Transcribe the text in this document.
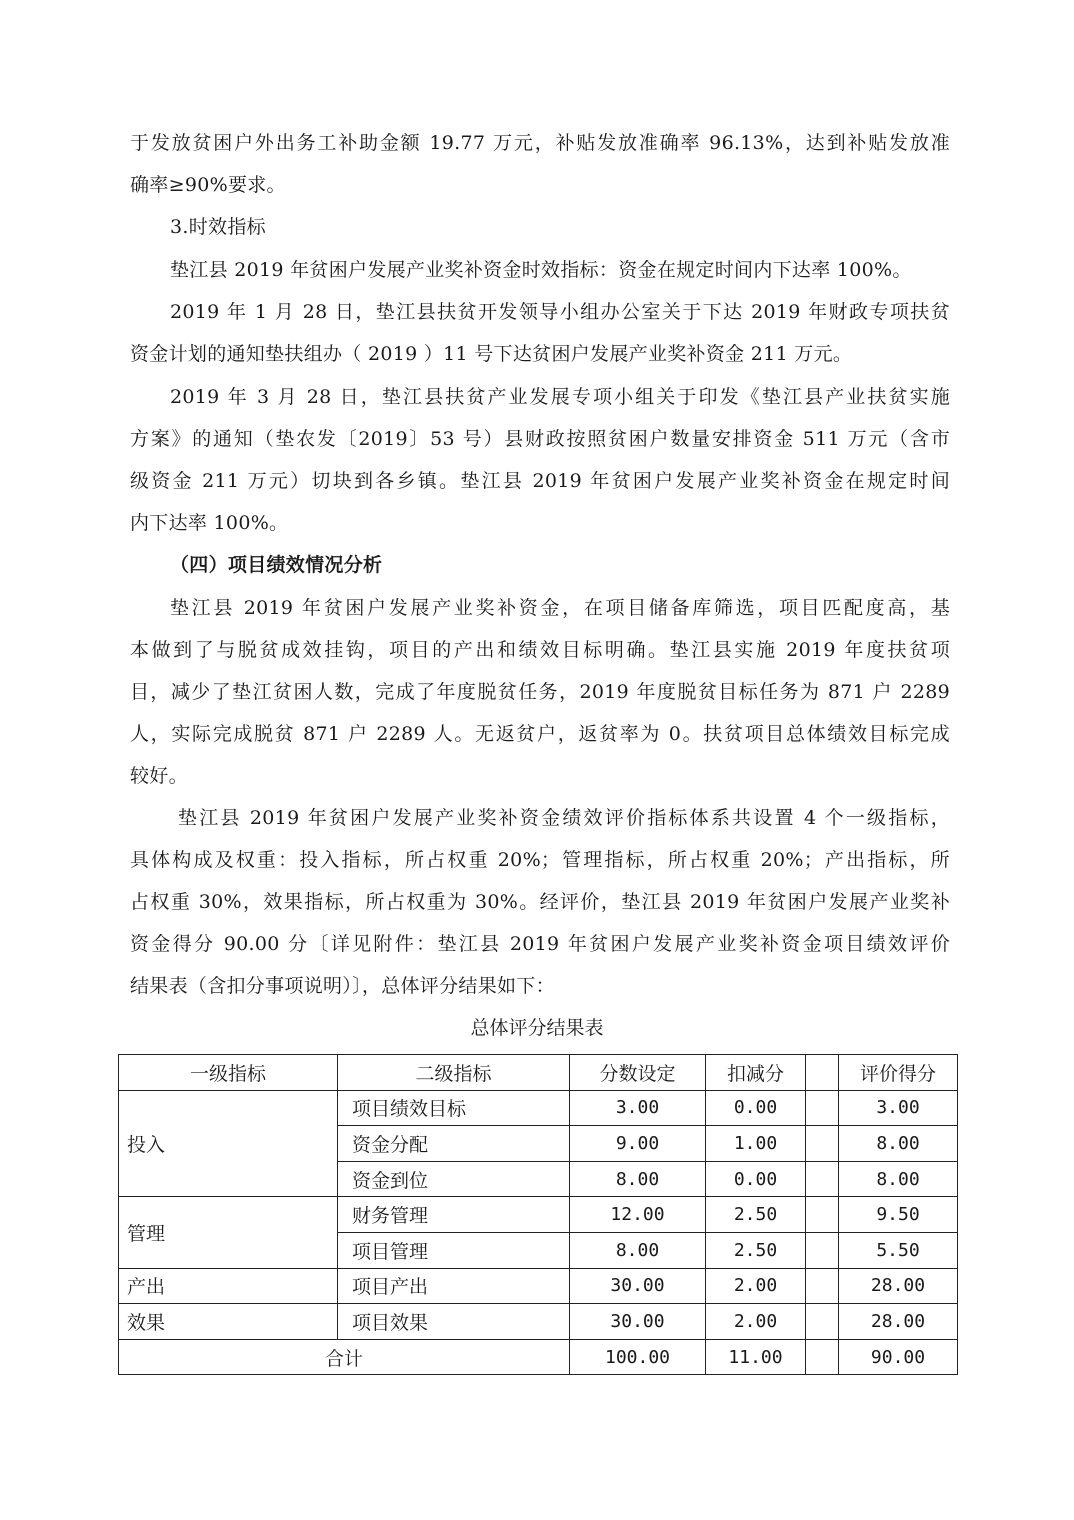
于发放贫困户外出务工补助金额 19.77 万元，补贴发放准确率 96.13%，达到补贴发放准
确率≥90%要求。
3.时效指标
垫江县 2019 年贫困户发展产业奖补资金时效指标：资金在规定时间内下达率 100%。
2019 年 1 月 28 日，垫江县扶贫开发领导小组办公室关于下达 2019 年财政专项扶贫
资金计划的通知垫扶组办（ 2019 ）11 号下达贫困户发展产业奖补资金 211 万元。
2019 年 3 月 28 日，垫江县扶贫产业发展专项小组关于印发《垫江县产业扶贫实施
方案》的通知（垫农发〔2019〕53 号）县财政按照贫困户数量安排资金 511 万元（含市
级资金 211 万元）切块到各乡镇。垫江县 2019 年贫困户发展产业奖补资金在规定时间
内下达率 100%。
（四）项目绩效情况分析
垫江县 2019 年贫困户发展产业奖补资金，在项目储备库筛选，项目匹配度高，基
本做到了与脱贫成效挂钩，项目的产出和绩效目标明确。垫江县实施 2019 年度扶贫项
目，减少了垫江贫困人数，完成了年度脱贫任务，2019 年度脱贫目标任务为 871 户 2289
人，实际完成脱贫 871 户 2289 人。无返贫户，返贫率为 0。扶贫项目总体绩效目标完成
较好。
垫江县 2019 年贫困户发展产业奖补资金绩效评价指标体系共设置 4 个一级指标，
具体构成及权重：投入指标，所占权重 20%；管理指标，所占权重 20%；产出指标，所
占权重 30%，效果指标，所占权重为 30%。经评价，垫江县 2019 年贫困户发展产业奖补
资金得分 90.00 分〔详见附件：垫江县 2019 年贫困户发展产业奖补资金项目绩效评价
结果表（含扣分事项说明）〕，总体评分结果如下：
总体评分结果表
一级指标	二级指标	分数设定	扣减分		评价得分
投入	项目绩效目标	3.00	0.00		3.00
	资金分配	9.00	1.00		8.00
	资金到位	8.00	0.00		8.00
管理	财务管理	12.00	2.50		9.50
	项目管理	8.00	2.50		5.50
产出	项目产出	30.00	2.00		28.00
效果	项目效果	30.00	2.00		28.00
合计		100.00	11.00		90.00
